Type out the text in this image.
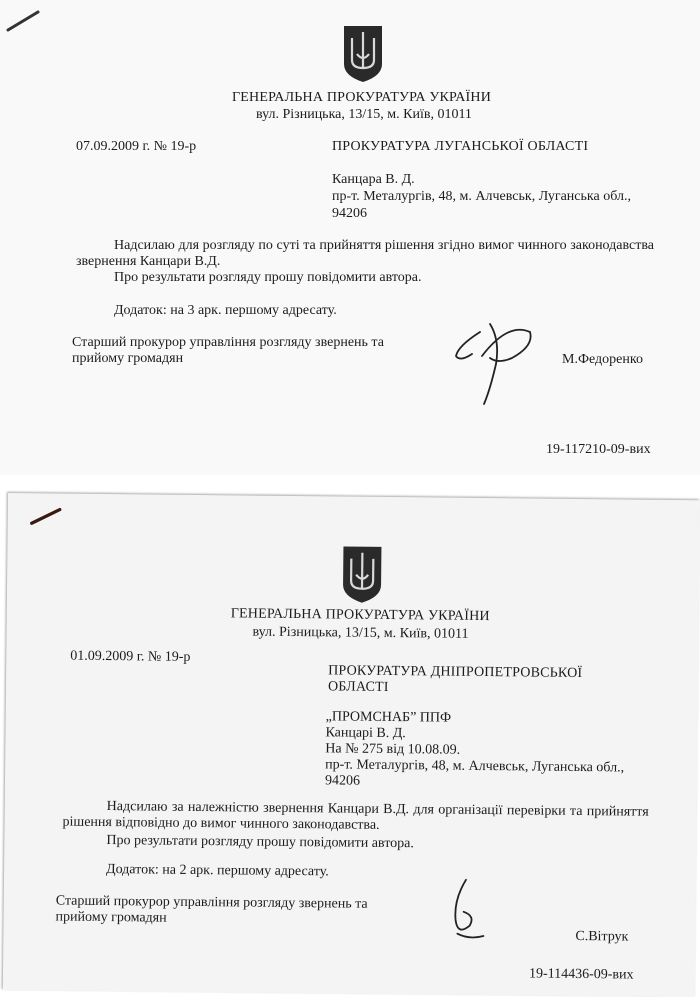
ГЕНЕРАЛЬНА ПРОКУРАТУРА УКРАЇНИ
вул. Різницька, 13/15, м. Київ, 01011
07.09.2009 г. № 19-р	ПРОКУРАТУРА ЛУГАНСЬКОЇ ОБЛАСТІ
Канцара В. Д.
пр-т. Металургів, 48, м. Алчевськ, Луганська обл.,
94206
Надсилаю для розгляду по суті та прийняття рішення згідно вимог чинного законодавства звернення Канцари В.Д.
Про результати розгляду прошу повідомити автора.
Додаток: на 3 арк. першому адресату.
Старший прокурор управління розгляду звернень та
прийому громадян	М.Федоренко
19-117210-09-вих
ГЕНЕРАЛЬНА ПРОКУРАТУРА УКРАЇНИ
вул. Різницька, 13/15, м. Київ, 01011
01.09.2009 г. № 19-р
ПРОКУРАТУРА ДНІПРОПЕТРОВСЬКОЇ
ОБЛАСТІ
„ПРОМСНАБ” ППФ
Канцарі В. Д.
На № 275 від 10.08.09.
пр-т. Металургів, 48, м. Алчевськ, Луганська обл.,
94206
Надсилаю за належністю звернення Канцари В.Д. для організації перевірки та прийняття рішення відповідно до вимог чинного законодавства.
Про результати розгляду прошу повідомити автора.
Додаток: на 2 арк. першому адресату.
Старший прокурор управління розгляду звернень та
прийому громадян
С.Вітрук
19-114436-09-вих
